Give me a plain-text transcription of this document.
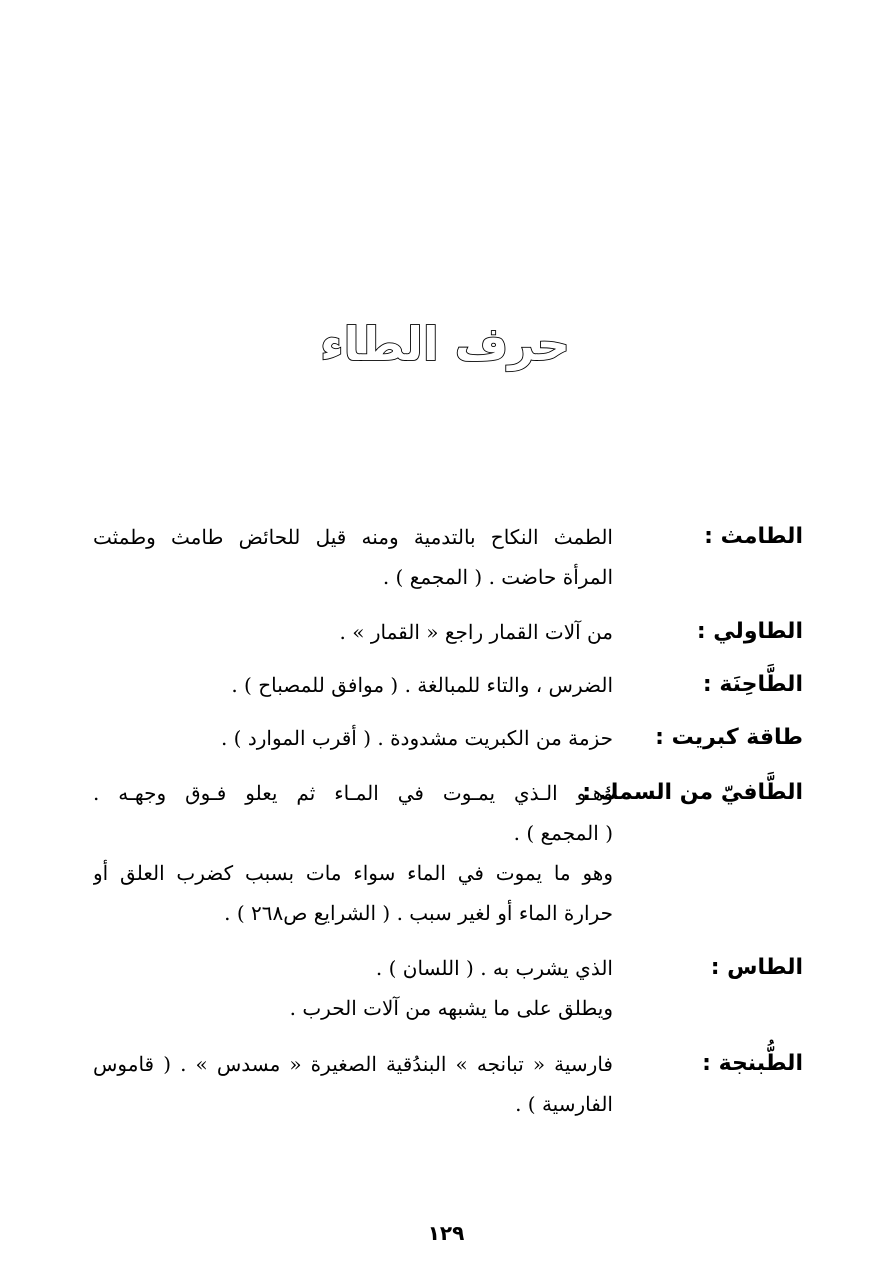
حرف الطاء
الطامث :
الطمث النكاح بالتدمية ومنه قيل للحائض طامث وطمثت
المرأة حاضت . ( المجمع ) .
الطاولي :
من آلات القمار راجع « القمار » .
الطَّاحِنَة :
الضرس ، والتاء للمبالغة . ( موافق للمصباح ) .
طاقة كبريت :
حزمة من الكبريت مشدودة . ( أقرب الموارد ) .
الطَّافيّ من السمك :
وهـو الـذي يمـوت في المـاء ثم يعلو فـوق وجهـه .
( المجمع ) .
وهو ما يموت في الماء سواء مات بسبب كضرب العلق أو
حرارة الماء أو لغير سبب . ( الشرايع ص٢٦٨ ) .
الطاس :
الذي يشرب به . ( اللسان ) .
ويطلق على ما يشبهه من آلات الحرب .
الطُّبنجة :
فارسية « تبانجه » البندُقية الصغيرة « مسدس » . ( قاموس
الفارسية ) .
١٢٩
